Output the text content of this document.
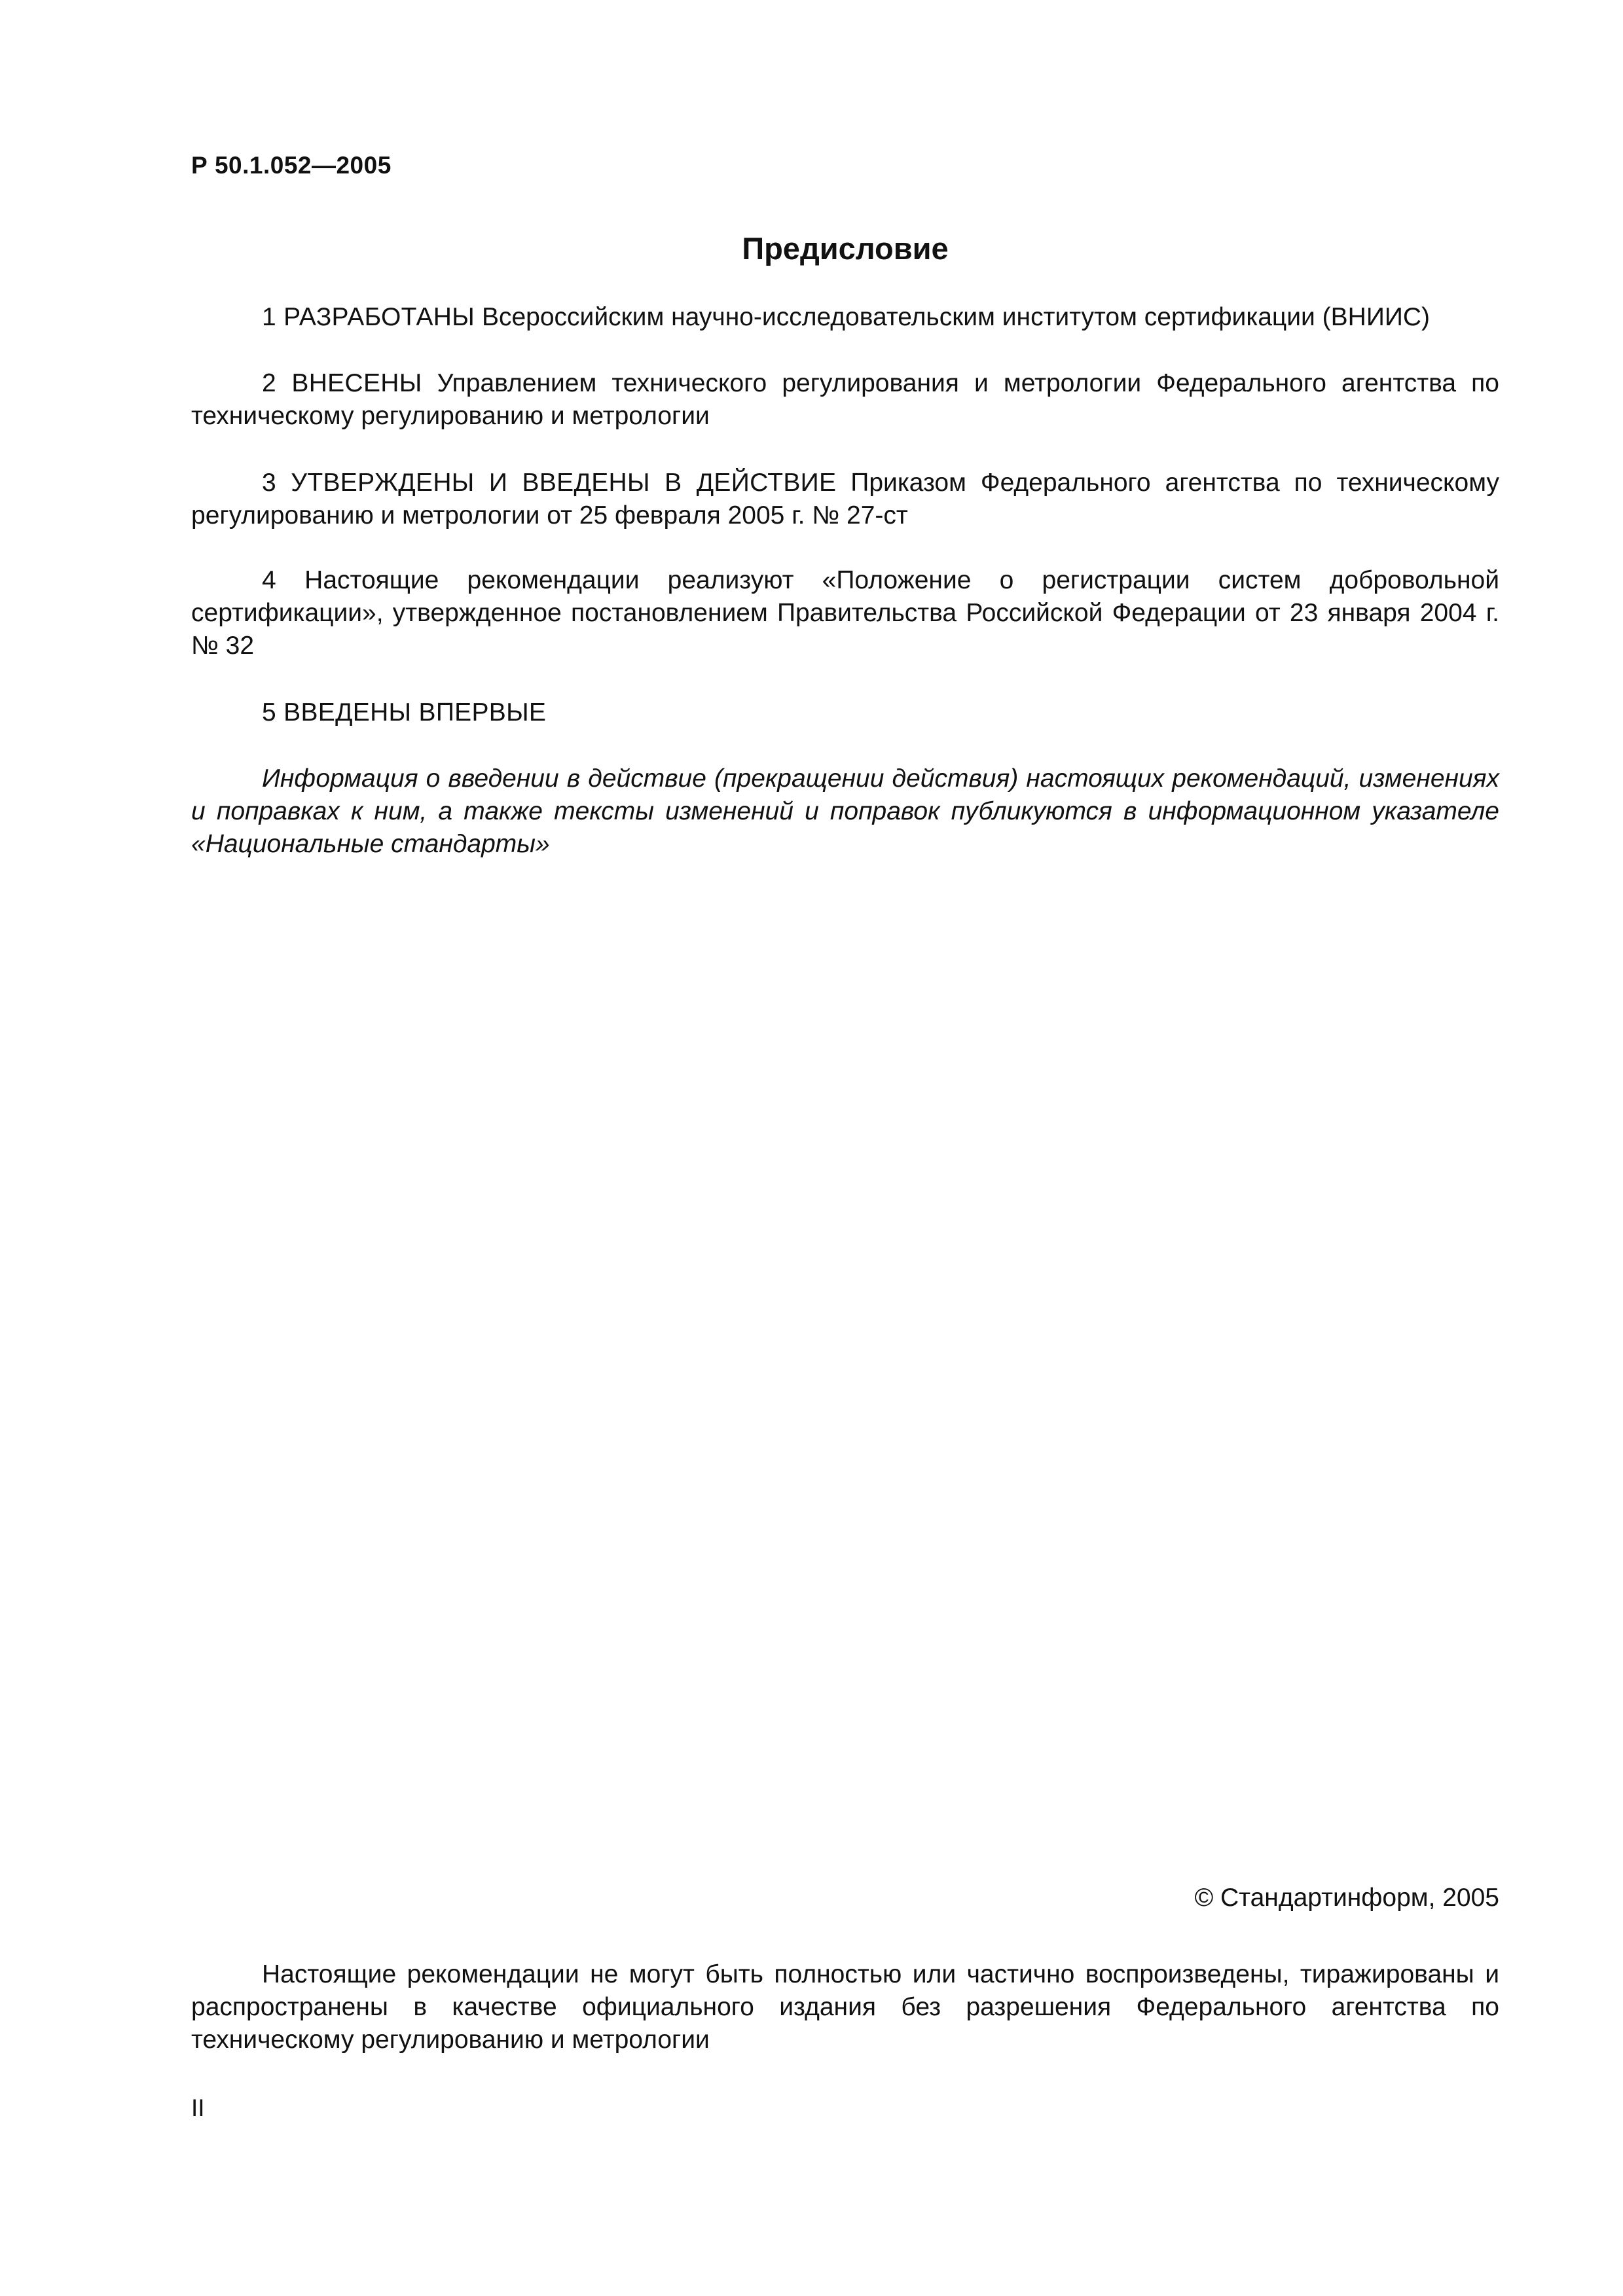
Р 50.1.052—2005
Предисловие
1 РАЗРАБОТАНЫ Всероссийским научно-исследовательским институтом сертификации (ВНИИС)
2 ВНЕСЕНЫ Управлением технического регулирования и метрологии Федерального агентства по техническому регулированию и метрологии
3 УТВЕРЖДЕНЫ И ВВЕДЕНЫ В ДЕЙСТВИЕ Приказом Федерального агентства по техническому регулированию и метрологии от 25 февраля 2005 г. № 27-ст
4 Настоящие рекомендации реализуют «Положение о регистрации систем добровольной сертификации», утвержденное постановлением Правительства Российской Федерации от 23 января 2004 г. № 32
5 ВВЕДЕНЫ ВПЕРВЫЕ
Информация о введении в действие (прекращении действия) настоящих рекомендаций, изменениях и поправках к ним, а также тексты изменений и поправок публикуются в информационном указателе «Национальные стандарты»
© Стандартинформ, 2005
Настоящие рекомендации не могут быть полностью или частично воспроизведены, тиражированы и распространены в качестве официального издания без разрешения Федерального агентства по техническому регулированию и метрологии
II
